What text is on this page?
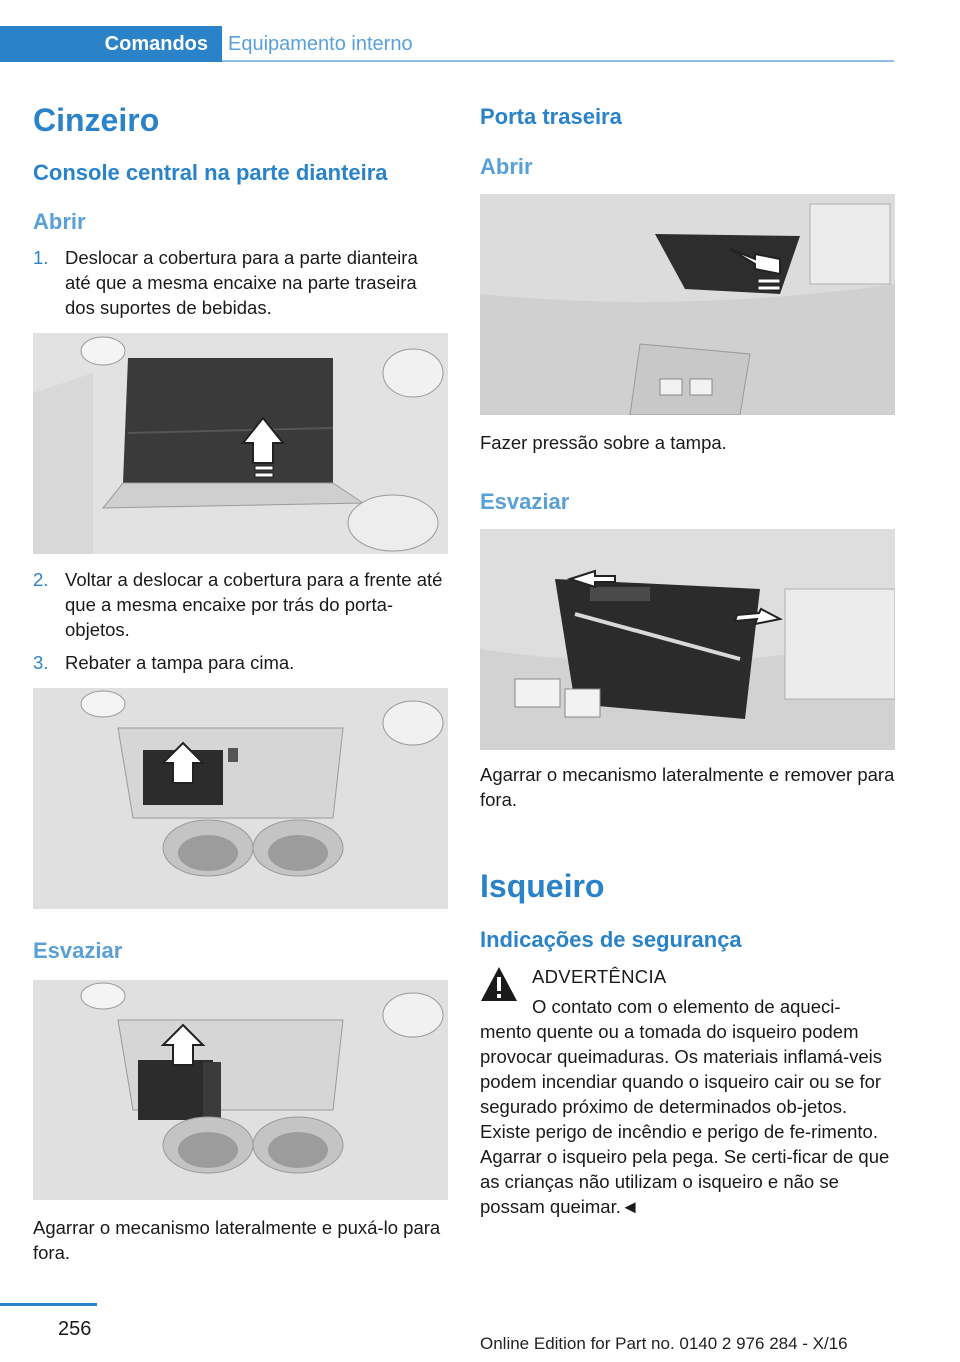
Comandos	Equipamento interno
Cinzeiro
Console central na parte dianteira
Abrir
1. Deslocar a cobertura para a parte dianteira até que a mesma encaixe na parte traseira dos suportes de bebidas.
2. Voltar a deslocar a cobertura para a frente até que a mesma encaixe por trás do porta-objetos.
3. Rebater a tampa para cima.
Esvaziar
Agarrar o mecanismo lateralmente e puxá-lo para fora.
Porta traseira
Abrir
Fazer pressão sobre a tampa.
Esvaziar
Agarrar o mecanismo lateralmente e remover para fora.
Isqueiro
Indicações de segurança
ADVERTÊNCIA
O contato com o elemento de aqueci-
mento quente ou a tomada do isqueiro podem provocar queimaduras. Os materiais inflamá-veis podem incendiar quando o isqueiro cair ou se for segurado próximo de determinados ob-jetos. Existe perigo de incêndio e perigo de fe-rimento. Agarrar o isqueiro pela pega. Se certi-ficar de que as crianças não utilizam o isqueiro e não se possam queimar.◄
256
Online Edition for Part no. 0140 2 976 284 - X/16
